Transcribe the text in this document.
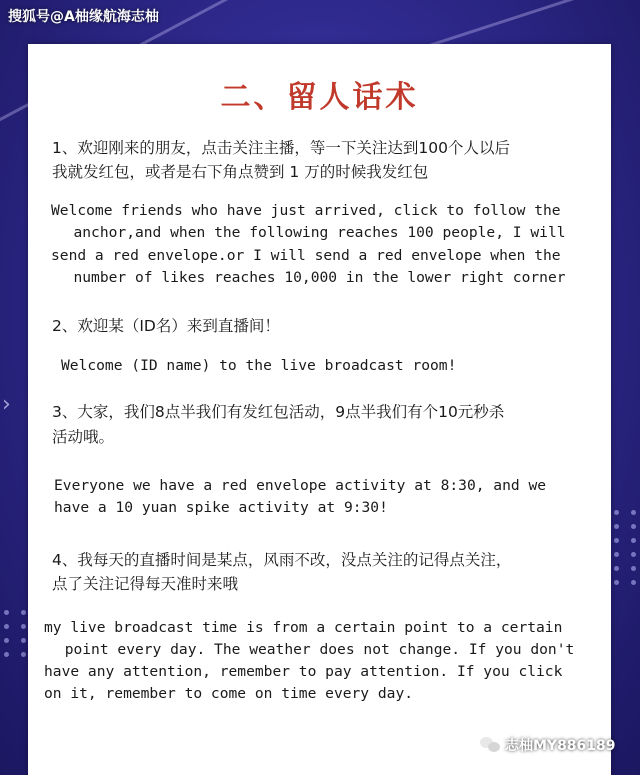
›
搜狐号@A柚缘航海志柚
二、留人话术
1、欢迎刚来的朋友，点击关注主播，等一下关注达到100个人以后
我就发红包，或者是右下角点赞到 1 万的时候我发红包
Welcome friends who have just arrived, click to follow the
anchor,and when the following reaches 100 people, I will
send a red envelope.or I will send a red envelope when the
number of likes reaches 10,000 in the lower right corner
2、欢迎某（ID名）来到直播间！
Welcome (ID name) to the live broadcast room!
3、大家，我们8点半我们有发红包活动，9点半我们有个10元秒杀
活动哦。
Everyone we have a red envelope activity at 8:30, and we
have a 10 yuan spike activity at 9:30!
4、我每天的直播时间是某点，风雨不改，没点关注的记得点关注，
点了关注记得每天准时来哦
my live broadcast time is from a certain point to a certain
point every day. The weather does not change. If you don't
have any attention, remember to pay attention. If you click
on it, remember to come on time every day.
志柚MY886189
